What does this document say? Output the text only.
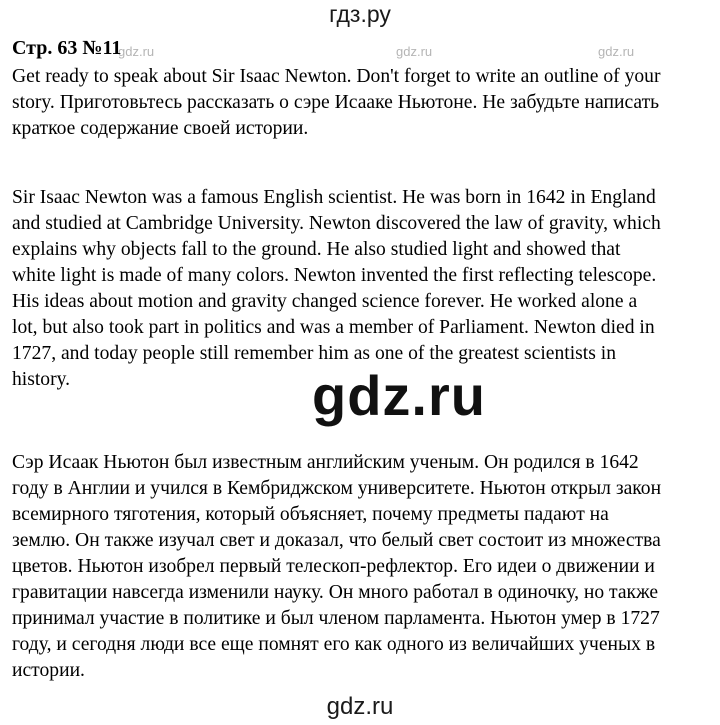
гдз.ру
gdz.ru	gdz.ru	gdz.ru
Стр. 63 №11
Get ready to speak about Sir Isaac Newton. Don't forget to write an outline of your
story. Приготовьтесь рассказать о сэре Исааке Ньютоне. Не забудьте написать
краткое содержание своей истории.
Sir Isaac Newton was a famous English scientist. He was born in 1642 in England
and studied at Cambridge University. Newton discovered the law of gravity, which
explains why objects fall to the ground. He also studied light and showed that
white light is made of many colors. Newton invented the first reflecting telescope.
His ideas about motion and gravity changed science forever. He worked alone a
lot, but also took part in politics and was a member of Parliament. Newton died in
1727, and today people still remember him as one of the greatest scientists in
history.	gdz.ru
Сэр Исаак Ньютон был известным английским ученым. Он родился в 1642
году в Англии и учился в Кембриджском университете. Ньютон открыл закон
всемирного тяготения, который объясняет, почему предметы падают на
землю. Он также изучал свет и доказал, что белый свет состоит из множества
цветов. Ньютон изобрел первый телескоп-рефлектор. Его идеи о движении и
гравитации навсегда изменили науку. Он много работал в одиночку, но также
принимал участие в политике и был членом парламента. Ньютон умер в 1727
году, и сегодня люди все еще помнят его как одного из величайших ученых в
истории.
gdz.ru
